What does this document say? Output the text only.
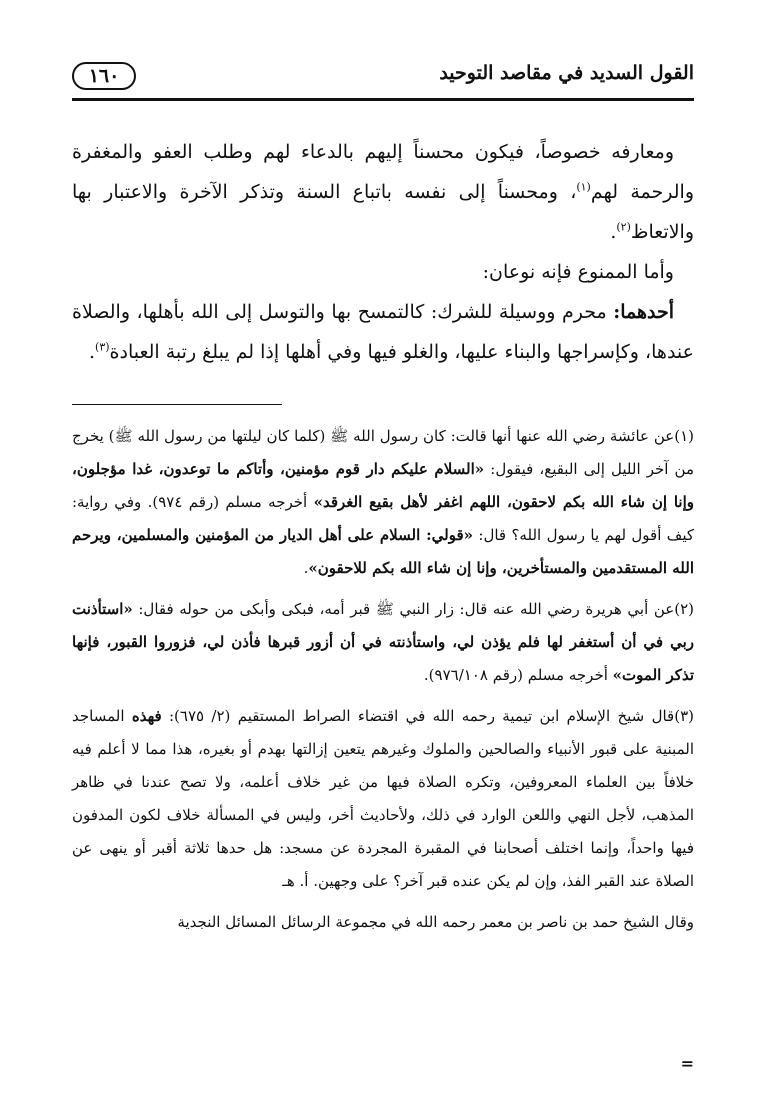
١٦٠	القول السديد في مقاصد التوحيد

ومعارفه خصوصاً، فيكون محسناً إليهم بالدعاء لهم وطلب العفو والمغفرة والرحمة لهم$^{(١)}$، ومحسناً إلى نفسه باتباع السنة وتذكر الآخرة والاعتبار بها والاتعاظ$^{(٢)}$.

وأما الممنوع فإنه نوعان:

أحدهما: محرم ووسيلة للشرك: كالتمسح بها والتوسل إلى الله بأهلها، والصلاة عندها، وكإسراجها والبناء عليها، والغلو فيها وفي أهلها إذا لم يبلغ رتبة العبادة$^{(٣)}$.

(١)عن عائشة رضي الله عنها أنها قالت: كان رسول الله ﷺ (كلما كان ليلتها من رسول الله ﷺ) يخرج من آخر الليل إلى البقيع، فيقول: «السلام عليكم دار قوم مؤمنين، وأتاكم ما توعدون، غدا مؤجلون، وإنا إن شاء الله بكم لاحقون، اللهم اغفر لأهل بقيع الغرقد» أخرجه مسلم (رقم ٩٧٤). وفي رواية: كيف أقول لهم يا رسول الله؟ قال: «قولي: السلام على أهل الديار من المؤمنين والمسلمين، ويرحم الله المستقدمين والمستأخرين، وإنا إن شاء الله بكم للاحقون».

(٢)عن أبي هريرة رضي الله عنه قال: زار النبي ﷺ قبر أمه، فبكى وأبكى من حوله فقال: «استأذنت ربي في أن أستغفر لها فلم يؤذن لي، واستأذنته في أن أزور قبرها فأذن لي، فزوروا القبور، فإنها تذكر الموت» أخرجه مسلم (رقم ٩٧٦/١٠٨).

(٣)قال شيخ الإسلام ابن تيمية رحمه الله في اقتضاء الصراط المستقيم (٢/ ٦٧٥): فهذه المساجد المبنية على قبور الأنبياء والصالحين والملوك وغيرهم يتعين إزالتها بهدم أو بغيره، هذا مما لا أعلم فيه خلافاً بين العلماء المعروفين، وتكره الصلاة فيها من غير خلاف أعلمه، ولا تصح عندنا في ظاهر المذهب، لأجل النهي واللعن الوارد في ذلك، ولأحاديث أخر، وليس في المسألة خلاف لكون المدفون فيها واحداً، وإنما اختلف أصحابنا في المقبرة المجردة عن مسجد: هل حدها ثلاثة أقبر أو ينهى عن الصلاة عند القبر الفذ، وإن لم يكن عنده قبر آخر؟ على وجهين. أ. هـ

وقال الشيخ حمد بن ناصر بن معمر رحمه الله في مجموعة الرسائل المسائل النجدية

=
